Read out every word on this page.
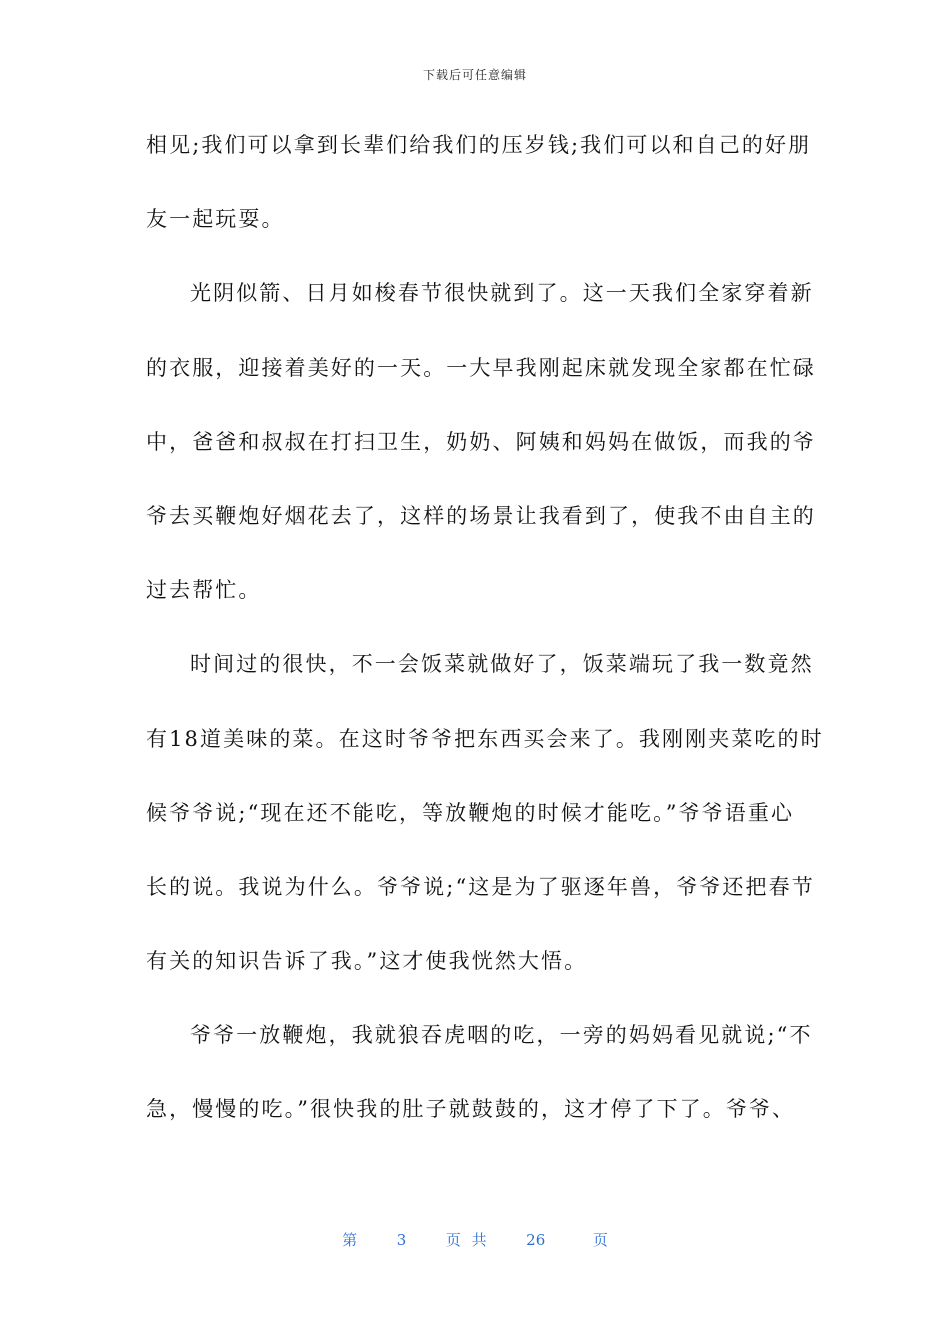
下载后可任意编辑
相见;我们可以拿到长辈们给我们的压岁钱;我们可以和自己的好朋
友一起玩耍。
光阴似箭、日月如梭春节很快就到了。这一天我们全家穿着新
的衣服，迎接着美好的一天。一大早我刚起床就发现全家都在忙碌
中，爸爸和叔叔在打扫卫生，奶奶、阿姨和妈妈在做饭，而我的爷
爷去买鞭炮好烟花去了，这样的场景让我看到了，使我不由自主的
过去帮忙。
时间过的很快，不一会饭菜就做好了，饭菜端玩了我一数竟然
有18道美味的菜。在这时爷爷把东西买会来了。我刚刚夹菜吃的时
候爷爷说;“现在还不能吃，等放鞭炮的时候才能吃。”爷爷语重心
长的说。我说为什么。爷爷说;“这是为了驱逐年兽，爷爷还把春节
有关的知识告诉了我。”这才使我恍然大悟。
爷爷一放鞭炮，我就狼吞虎咽的吃，一旁的妈妈看见就说;“不
急，慢慢的吃。”很快我的肚子就鼓鼓的，这才停了下了。爷爷、
第	3	页 共	26	页
